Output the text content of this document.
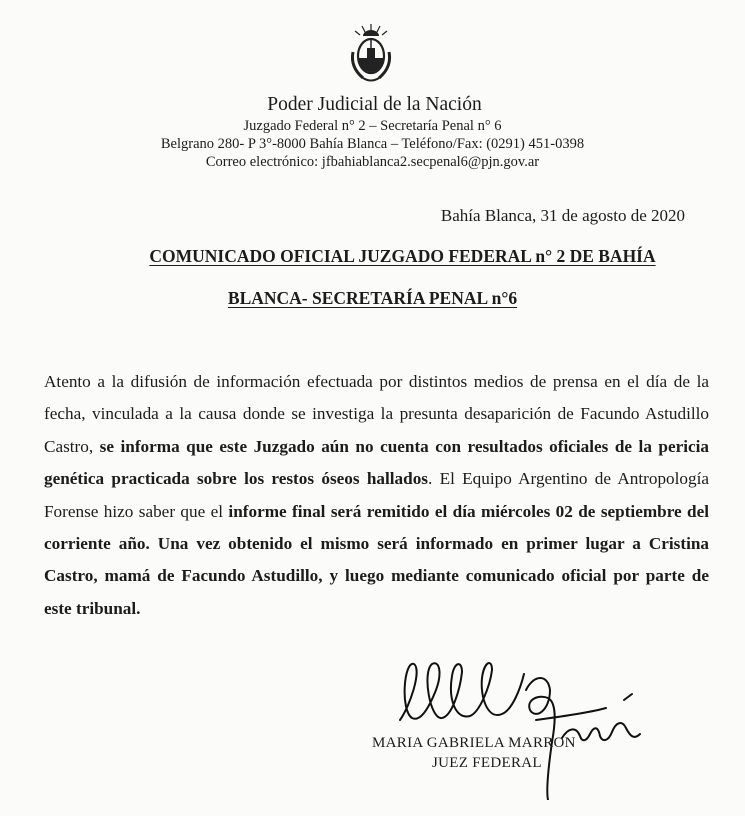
Poder Judicial de la Nación
Juzgado Federal n° 2 – Secretaría Penal n° 6
Belgrano 280- P 3°-8000 Bahía Blanca – Teléfono/Fax: (0291) 451-0398
Correo electrónico: jfbahiablanca2.secpenal6@pjn.gov.ar
Bahía Blanca, 31 de agosto de 2020
COMUNICADO OFICIAL JUZGADO FEDERAL n° 2 DE BAHÍA
BLANCA- SECRETARÍA PENAL n°6
Atento a la difusión de información efectuada por distintos medios de prensa en el día de la fecha, vinculada a la causa donde se investiga la presunta desaparición de Facundo Astudillo Castro, se informa que este Juzgado aún no cuenta con resultados oficiales de la pericia genética practicada sobre los restos óseos hallados. El Equipo Argentino de Antropología Forense hizo saber que el informe final será remitido el día miércoles 02 de septiembre del corriente año. Una vez obtenido el mismo será informado en primer lugar a Cristina Castro, mamá de Facundo Astudillo, y luego mediante comunicado oficial por parte de este tribunal.
MARIA GABRIELA MARRON
JUEZ FEDERAL
